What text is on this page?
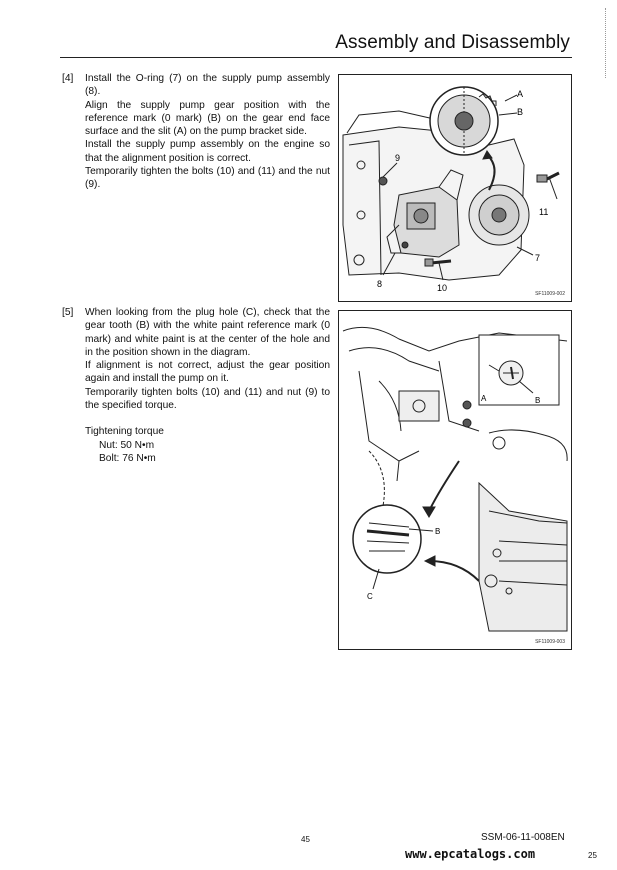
Assembly and Disassembly
[4] Install the O-ring (7) on the supply pump assembly (8).

Align the supply pump gear position with the reference mark (0 mark) (B) on the gear end face surface and the slit (A) on the pump bracket side.

Install the supply pump assembly on the engine so that the alignment position is correct.

Temporarily tighten the bolts (10) and (11) and the nut (9).

A
B
9
7
8	10
11
SF11009-002
[5] When looking from the plug hole (C), check that the gear tooth (B) with the white paint reference mark (0 mark) and white paint is at the center of the hole and in the position shown in the diagram.

If alignment is not correct, adjust the gear position again and install the pump on it.

Temporarily tighten bolts (10) and (11) and nut (9) to the specified torque.

Tightening torque
Nut: 50 N•m
Bolt: 76 N•m
A	B
B
C
SF11009-003
45	SSM-06-11-008EN
www.epcatalogs.com	25
